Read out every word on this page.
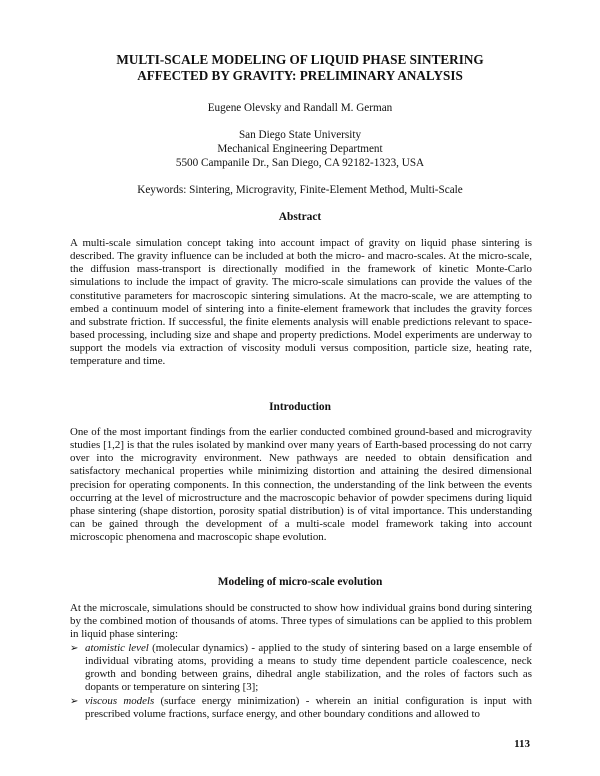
MULTI-SCALE MODELING OF LIQUID PHASE SINTERING
AFFECTED BY GRAVITY: PRELIMINARY ANALYSIS

Eugene Olevsky and Randall M. German

San Diego State University

Mechanical Engineering Department

5500 Campanile Dr., San Diego, CA 92182-1323, USA

Keywords: Sintering, Microgravity, Finite-Element Method, Multi-Scale

Abstract

A multi-scale simulation concept taking into account impact of gravity on liquid phase sintering is described. The gravity influence can be included at both the micro- and macro-scales. At the micro-scale, the diffusion mass-transport is directionally modified in the framework of kinetic Monte-Carlo simulations to include the impact of gravity. The micro-scale simulations can provide the values of the constitutive parameters for macroscopic sintering simulations. At the macro-scale, we are attempting to embed a continuum model of sintering into a finite-element framework that includes the gravity forces and substrate friction. If successful, the finite elements analysis will enable predictions relevant to space-based processing, including size and shape and property predictions. Model experiments are underway to support the models via extraction of viscosity moduli versus composition, particle size, heating rate, temperature and time.

Introduction

One of the most important findings from the earlier conducted combined ground-based and microgravity studies [1,2] is that the rules isolated by mankind over many years of Earth-based processing do not carry over into the microgravity environment. New pathways are needed to obtain densification and satisfactory mechanical properties while minimizing distortion and attaining the desired dimensional precision for operating components. In this connection, the understanding of the link between the events occurring at the level of microstructure and the macroscopic behavior of powder specimens during liquid phase sintering (shape distortion, porosity spatial distribution) is of vital importance. This understanding can be gained through the development of a multi-scale model framework taking into account microscopic phenomena and macroscopic shape evolution.

Modeling of micro-scale evolution

At the microscale, simulations should be constructed to show how individual grains bond during sintering by the combined motion of thousands of atoms. Three types of simulations can be applied to this problem in liquid phase sintering:

➢ atomistic level (molecular dynamics) - applied to the study of sintering based on a large ensemble of individual vibrating atoms, providing a means to study time dependent particle coalescence, neck growth and bonding between grains, dihedral angle stabilization, and the roles of factors such as dopants or temperature on sintering [3];
➢ viscous models (surface energy minimization) - wherein an initial configuration is input with prescribed volume fractions, surface energy, and other boundary conditions and allowed to

113
